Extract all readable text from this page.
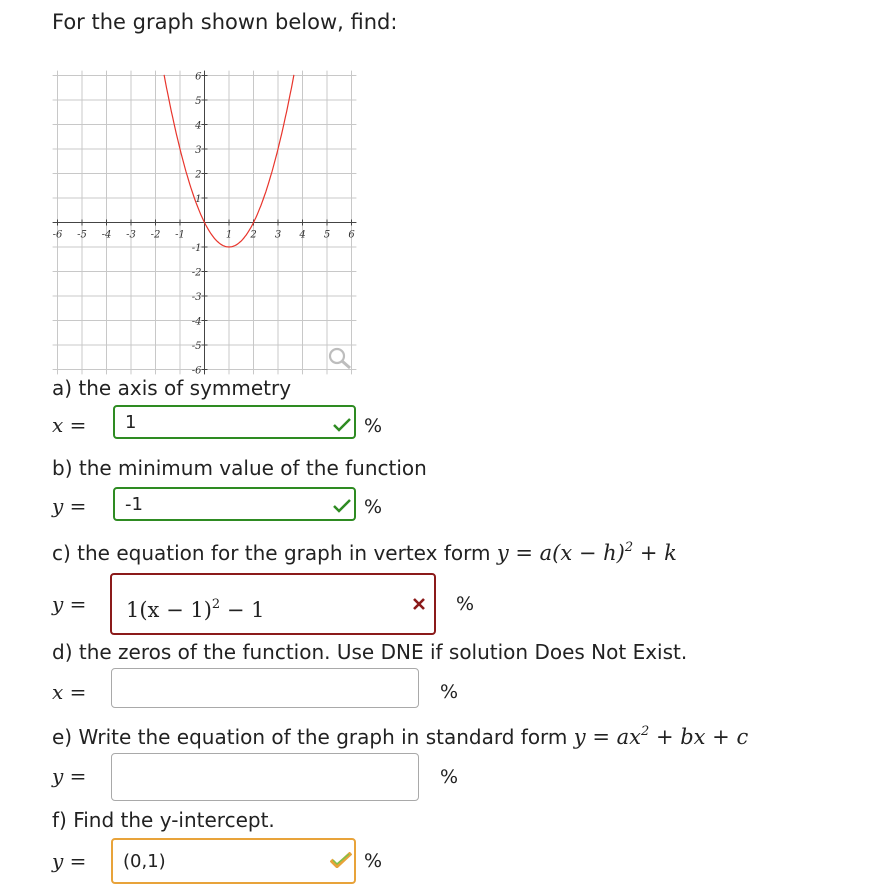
For the graph shown below, find:
-6 -5 -4 -3 -2 -1	1 2 3 4 5 6
6
5
4
3
2
1
-1
-2
-3
-4
-5
-6
a) the axis of symmetry
x =	1	%
b) the minimum value of the function
y =	-1	%
c) the equation for the graph in vertex form $y = a(x - h)^2 + k$
y =	$1(x - 1)^2 - 1$	%
d) the zeros of the function. Use DNE if solution Does Not Exist.
x =	%
e) Write the equation of the graph in standard form $y = ax^2$ + bx + c
y =	%
f) Find the y-intercept.
y =	(0,1)	%
